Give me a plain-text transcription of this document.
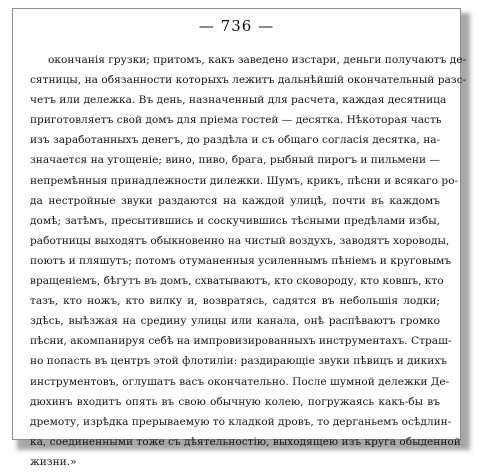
— 736 —
окончанія грузки; притомъ, какъ заведено изстари, деньги получаютъ де-
сятницы, на обязанности которыхъ лежитъ дальнѣйшій окончательный разс-
четъ или дележка. Въ день, назначенный для расчета, каждая десятница
приготовляетъ свой домъ для пріема гостей — десятка. Нѣкоторая часть
изъ заработанныхъ денегъ, до раздѣла и съ общаго согласія десятка, на-
значается на угощеніе; вино, пиво, брага, рыбный пирогъ и пильмени —
непремѣнныя принадлежности дилежки. Шумъ, крикъ, пѣсни и всякаго ро-
да нестройные звуки раздаются на каждой улицѣ, почти въ каждомъ
домѣ; затѣмъ, пресытившись и соскучившись тѣсными предѣлами избы,
работницы выходятъ обыкновенно на чистый воздухъ, заводятъ хороводы,
поютъ и пляшутъ; потомъ отуманенныя усиленнымъ пѣніемъ и круговымъ
вращеніемъ, бѣгутъ въ домъ, схватываютъ, кто сковороду, кто ковшъ, кто
тазъ, кто ножъ, кто вилку и, возвратясь, садятся въ небольшія лодки;
здѣсь, выѣзжая на средину улицы или канала, онѣ распѣваютъ громко
пѣсни, акомпанируя себѣ на импровизированныхъ инструментахъ. Страш-
но попасть въ центръ этой флотиліи: раздирающіе звуки пѣвицъ и дикихъ
инструментовъ, оглушатъ васъ окончательно. После шумной дележки Де-
дюхинъ входитъ опять въ свою обычную колею, погружаясь какъ-бы въ
дремоту, изрѣдка прерываемую то кладкой дровъ, то дерганьемъ осѣдлин-
ка, соединенными тоже съ дѣятельностію, выходящею изъ круга обыденной
жизни.»
